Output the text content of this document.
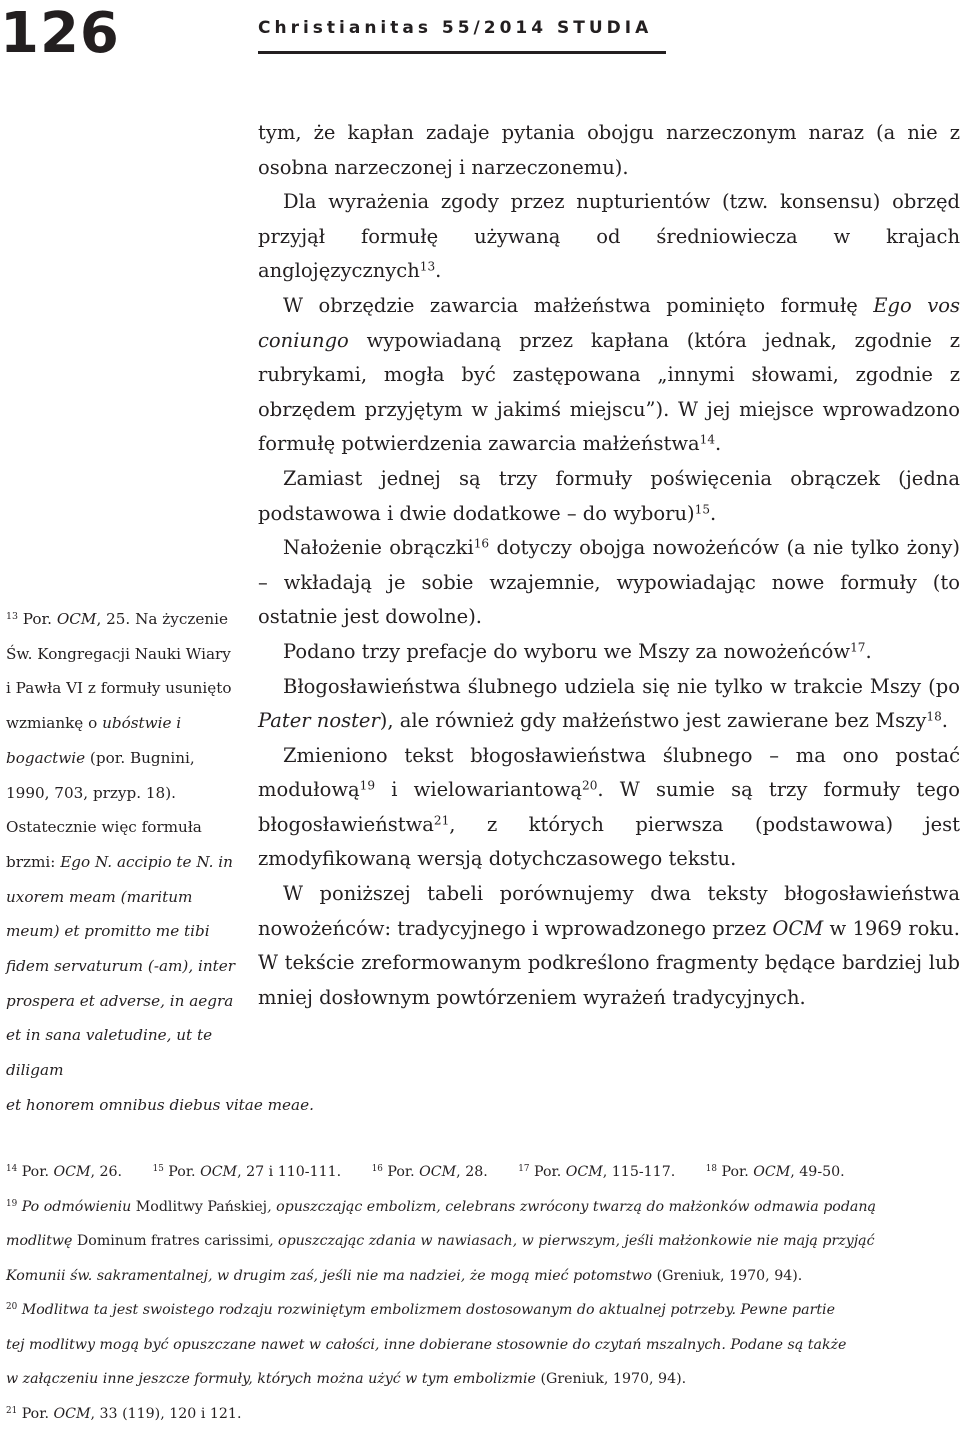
126	Christianitas 55/2014 STUDIA

tym, że kapłan zadaje pytania obojgu narzeczonym naraz (a nie z osobna narzeczonej i narzeczonemu).

Dla wyrażenia zgody przez nupturientów (tzw. konsensu) obrzęd przyjął formułę używaną od średniowiecza w krajach anglojęzycznych$^{13}$.

W obrzędzie zawarcia małżeństwa pominięto formułę Ego vos coniungo wypowiadaną przez kapłana (która jednak, zgodnie z rubrykami, mogła być zastępowana „innymi słowami, zgodnie z obrzędem przyjętym w jakimś miejscu”). W jej miejsce wprowadzono formułę potwierdzenia zawarcia małżeństwa$^{14}$.

Zamiast jednej są trzy formuły poświęcenia obrączek (jedna podstawowa i dwie dodatkowe – do wyboru)$^{15}$.

Nałożenie obrączki$^{16}$ dotyczy obojga nowożeńców (a nie tylko żony) – wkładają je sobie wzajemnie, wypowiadając nowe formuły (to ostatnie jest dowolne).

Podano trzy prefacje do wyboru we Mszy za nowożeńców$^{17}$.

Błogosławieństwa ślubnego udziela się nie tylko w trakcie Mszy (po Pater noster), ale również gdy małżeństwo jest zawierane bez Mszy$^{18}$.

Zmieniono tekst błogosławieństwa ślubnego – ma ono postać modułową$^{19}$ i wielowariantową$^{20}$. W sumie są trzy formuły tego błogosławieństwa$^{21}$, z których pierwsza (podstawowa) jest zmodyfikowaną wersją dotychczasowego tekstu.

W poniższej tabeli porównujemy dwa teksty błogosławieństwa nowożeńców: tradycyjnego i wprowadzonego przez OCM w 1969 roku. W tekście zreformowanym podkreślono fragmenty będące bardziej lub mniej dosłownym powtórzeniem wyrażeń tradycyjnych.

$^{13}$ Por. OCM, 25. Na życzenie Św. Kongregacji Nauki Wiary i Pawła VI z formuły usunięto wzmiankę o ubóstwie i bogactwie (por. Bugnini, 1990, 703, przyp. 18). Ostatecznie więc formuła brzmi: Ego N. accipio te N. in uxorem meam (maritum meum) et promitto me tibi fidem servaturum (-am), inter prospera et adverse, in aegra et in sana valetudine, ut te diligam
et honorem omnibus diebus vitae meae.

$^{14}$ Por. OCM, 26.	$^{15}$ Por. OCM, 27 i 110-111.	$^{16}$ Por. OCM, 28.	$^{17}$ Por. OCM, 115-117.	$^{18}$ Por. OCM, 49-50.

$^{19}$ Po odmówieniu Modlitwy Pańskiej, opuszczając embolizm, celebrans zwrócony twarzą do małżonków odmawia podaną

modlitwę Dominum fratres carissimi, opuszczając zdania w nawiasach, w pierwszym, jeśli małżonkowie nie mają przyjąć

Komunii św. sakramentalnej, w drugim zaś, jeśli nie ma nadziei, że mogą mieć potomstwo (Greniuk, 1970, 94).

$^{20}$ Modlitwa ta jest swoistego rodzaju rozwiniętym embolizmem dostosowanym do aktualnej potrzeby. Pewne partie

tej modlitwy mogą być opuszczane nawet w całości, inne dobierane stosownie do czytań mszalnych. Podane są także

w załączeniu inne jeszcze formuły, których można użyć w tym embolizmie (Greniuk, 1970, 94).

$^{21}$ Por. OCM, 33 (119), 120 i 121.
